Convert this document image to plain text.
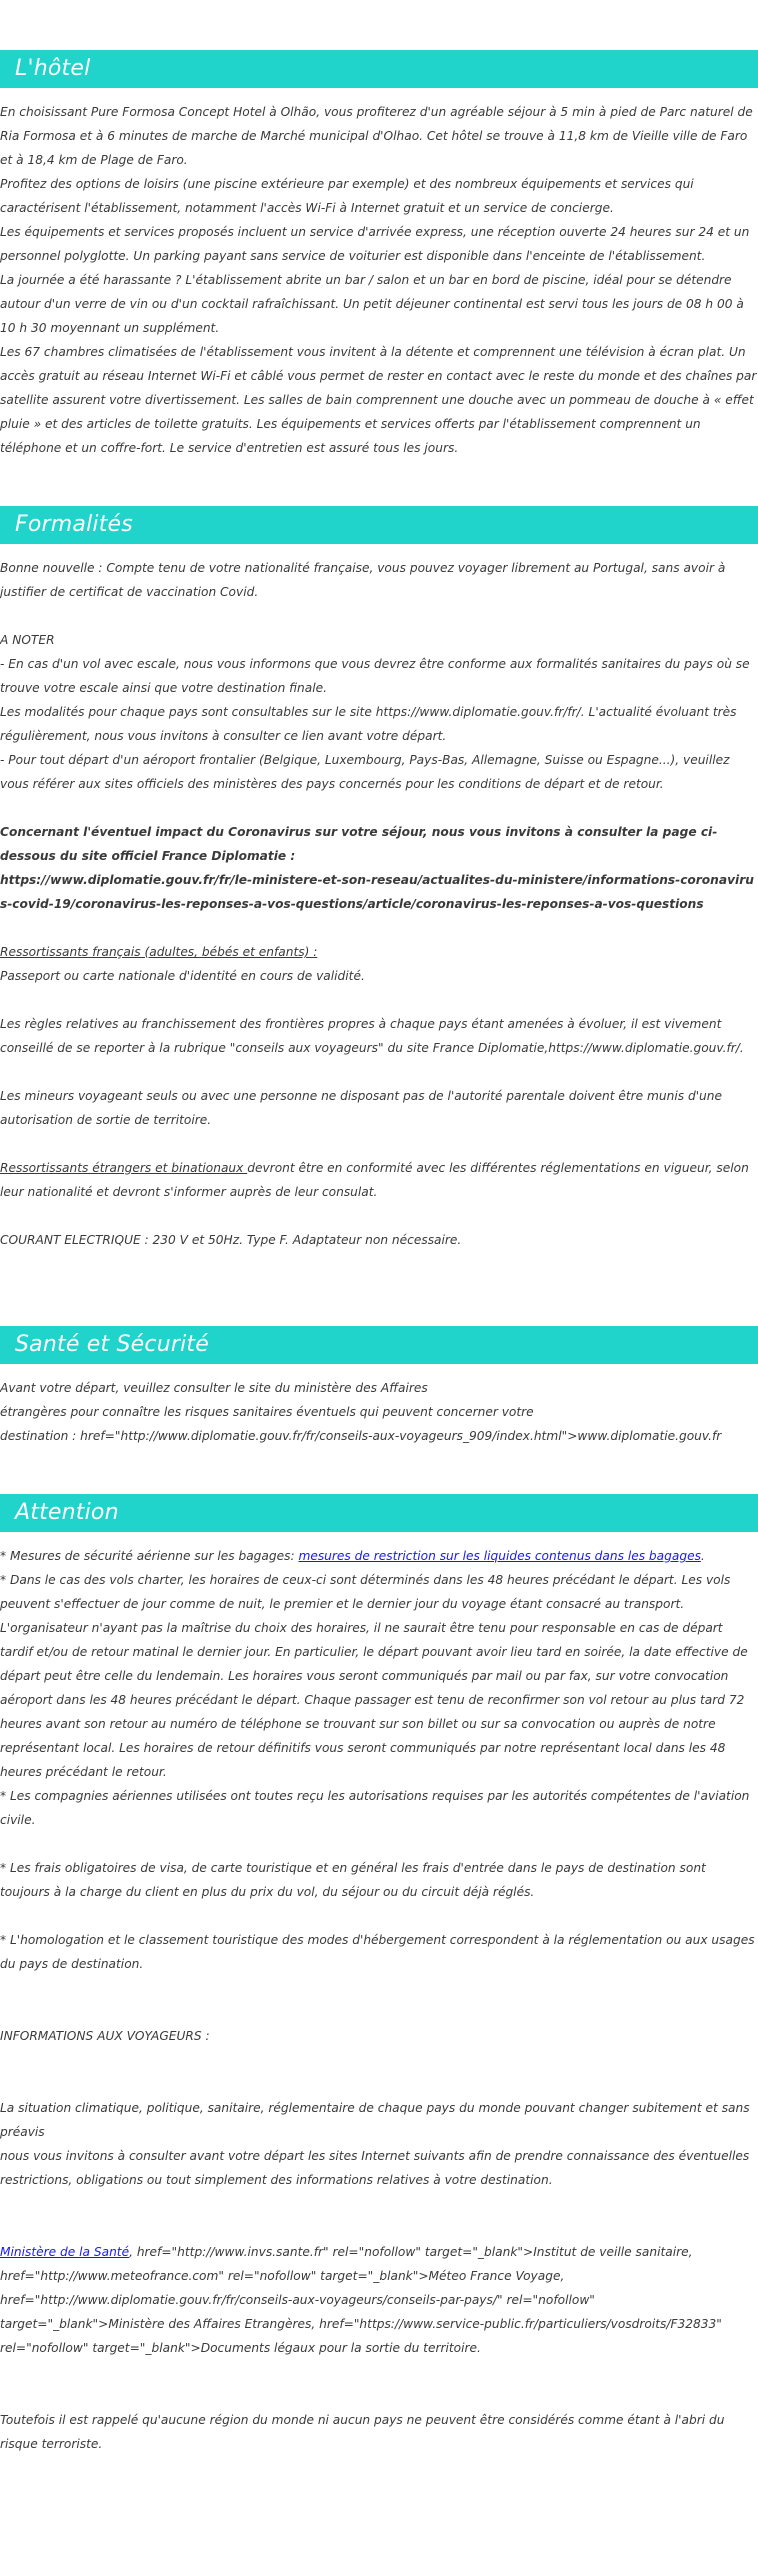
L'hôtel

En choisissant Pure Formosa Concept Hotel à Olhão, vous profiterez d'un agréable séjour à 5 min à pied de Parc naturel de Ria Formosa et à 6 minutes de marche de Marché municipal d'Olhao. Cet hôtel se trouve à 11,8 km de Vieille ville de Faro et à 18,4 km de Plage de Faro.

Profitez des options de loisirs (une piscine extérieure par exemple) et des nombreux équipements et services qui caractérisent l'établissement, notamment l'accès Wi-Fi à Internet gratuit et un service de concierge.

Les équipements et services proposés incluent un service d'arrivée express, une réception ouverte 24 heures sur 24 et un personnel polyglotte. Un parking payant sans service de voiturier est disponible dans l'enceinte de l'établissement.

La journée a été harassante ? L'établissement abrite un bar / salon et un bar en bord de piscine, idéal pour se détendre autour d'un verre de vin ou d'un cocktail rafraîchissant. Un petit déjeuner continental est servi tous les jours de 08 h 00 à 10 h 30 moyennant un supplément.

Les 67 chambres climatisées de l'établissement vous invitent à la détente et comprennent une télévision à écran plat. Un accès gratuit au réseau Internet Wi-Fi et câblé vous permet de rester en contact avec le reste du monde et des chaînes par satellite assurent votre divertissement. Les salles de bain comprennent une douche avec un pommeau de douche à « effet pluie » et des articles de toilette gratuits. Les équipements et services offerts par l'établissement comprennent un téléphone et un coffre-fort. Le service d'entretien est assuré tous les jours.

Formalités

Bonne nouvelle : Compte tenu de votre nationalité française, vous pouvez voyager librement au Portugal, sans avoir à justifier de certificat de vaccination Covid.

A NOTER

- En cas d'un vol avec escale, nous vous informons que vous devrez être conforme aux formalités sanitaires du pays où se trouve votre escale ainsi que votre destination finale.

Les modalités pour chaque pays sont consultables sur le site https://www.diplomatie.gouv.fr/fr/. L'actualité évoluant très régulièrement, nous vous invitons à consulter ce lien avant votre départ.

- Pour tout départ d'un aéroport frontalier (Belgique, Luxembourg, Pays-Bas, Allemagne, Suisse ou Espagne...), veuillez vous référer aux sites officiels des ministères des pays concernés pour les conditions de départ et de retour.

Concernant l'éventuel impact du Coronavirus sur votre séjour, nous vous invitons à consulter la page ci-dessous du site officiel France Diplomatie :

https://www.diplomatie.gouv.fr/fr/le-ministere-et-son-reseau/actualites-du-ministere/informations-coronavirus-covid-19/coronavirus-les-reponses-a-vos-questions/article/coronavirus-les-reponses-a-vos-questions

Ressortissants français (adultes, bébés et enfants) :

Passeport ou carte nationale d'identité en cours de validité.

Les règles relatives au franchissement des frontières propres à chaque pays étant amenées à évoluer, il est vivement conseillé de se reporter à la rubrique "conseils aux voyageurs" du site France Diplomatie,https://www.diplomatie.gouv.fr/.

Les mineurs voyageant seuls ou avec une personne ne disposant pas de l'autorité parentale doivent être munis d'une autorisation de sortie de territoire.

Ressortissants étrangers et binationaux devront être en conformité avec les différentes réglementations en vigueur, selon leur nationalité et devront s'informer auprès de leur consulat.

COURANT ELECTRIQUE : 230 V et 50Hz. Type F. Adaptateur non nécessaire.

Santé et Sécurité

Avant votre départ, veuillez consulter le site du ministère des Affaires

étrangères pour connaître les risques sanitaires éventuels qui peuvent concerner votre

destination : href="http://www.diplomatie.gouv.fr/fr/conseils-aux-voyageurs_909/index.html">www.diplomatie.gouv.fr

Attention

* Mesures de sécurité aérienne sur les bagages: mesures de restriction sur les liquides contenus dans les bagages.

* Dans le cas des vols charter, les horaires de ceux-ci sont déterminés dans les 48 heures précédant le départ. Les vols peuvent s'effectuer de jour comme de nuit, le premier et le dernier jour du voyage étant consacré au transport. L'organisateur n'ayant pas la maîtrise du choix des horaires, il ne saurait être tenu pour responsable en cas de départ tardif et/ou de retour matinal le dernier jour. En particulier, le départ pouvant avoir lieu tard en soirée, la date effective de départ peut être celle du lendemain. Les horaires vous seront communiqués par mail ou par fax, sur votre convocation aéroport dans les 48 heures précédant le départ. Chaque passager est tenu de reconfirmer son vol retour au plus tard 72 heures avant son retour au numéro de téléphone se trouvant sur son billet ou sur sa convocation ou auprès de notre représentant local. Les horaires de retour définitifs vous seront communiqués par notre représentant local dans les 48 heures précédant le retour.

* Les compagnies aériennes utilisées ont toutes reçu les autorisations requises par les autorités compétentes de l'aviation civile.

* Les frais obligatoires de visa, de carte touristique et en général les frais d'entrée dans le pays de destination sont toujours à la charge du client en plus du prix du vol, du séjour ou du circuit déjà réglés.

* L'homologation et le classement touristique des modes d'hébergement correspondent à la réglementation ou aux usages du pays de destination.

INFORMATIONS AUX VOYAGEURS :

La situation climatique, politique, sanitaire, réglementaire de chaque pays du monde pouvant changer subitement et sans préavis

nous vous invitons à consulter avant votre départ les sites Internet suivants afin de prendre connaissance des éventuelles restrictions, obligations ou tout simplement des informations relatives à votre destination.

Ministère de la Santé, href="http://www.invs.sante.fr" rel="nofollow" target="_blank">Institut de veille sanitaire, href="http://www.meteofrance.com" rel="nofollow" target="_blank">Méteo France Voyage, href="http://www.diplomatie.gouv.fr/fr/conseils-aux-voyageurs/conseils-par-pays/" rel="nofollow" target="_blank">Ministère des Affaires Etrangères, href="https://www.service-public.fr/particuliers/vosdroits/F32833" rel="nofollow" target="_blank">Documents légaux pour la sortie du territoire.

Toutefois il est rappelé qu'aucune région du monde ni aucun pays ne peuvent être considérés comme étant à l'abri du risque terroriste.
